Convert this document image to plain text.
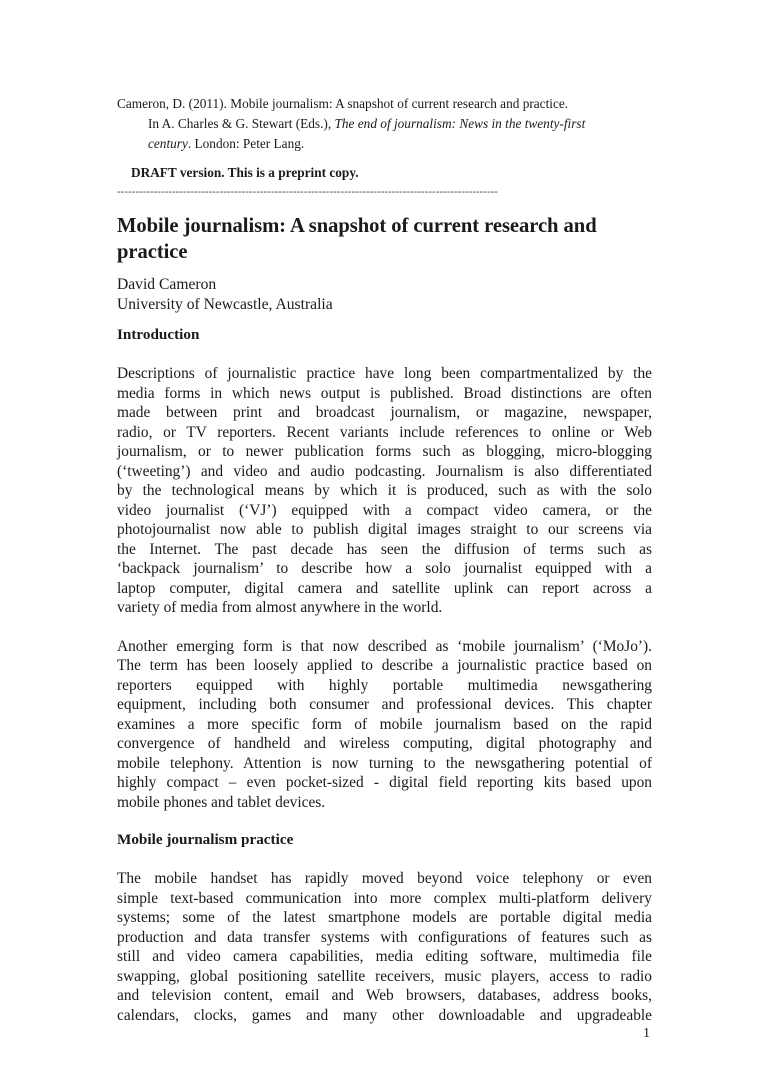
Cameron, D. (2011). Mobile journalism: A snapshot of current research and practice.
In A. Charles & G. Stewart (Eds.), The end of journalism: News in the twenty-first
century. London: Peter Lang.

DRAFT version. This is a preprint copy.

--------------------------------------------------------------------------------------------------------
Mobile journalism: A snapshot of current research and practice

David Cameron

University of Newcastle, Australia

Introduction

Descriptions of journalistic practice have long been compartmentalized by the
media forms in which news output is published. Broad distinctions are often
made between print and broadcast journalism, or magazine, newspaper,
radio, or TV reporters. Recent variants include references to online or Web
journalism, or to newer publication forms such as blogging, micro-blogging
(‘tweeting’) and video and audio podcasting. Journalism is also differentiated
by the technological means by which it is produced, such as with the solo
video journalist (‘VJ’) equipped with a compact video camera, or the
photojournalist now able to publish digital images straight to our screens via
the Internet. The past decade has seen the diffusion of terms such as
‘backpack journalism’ to describe how a solo journalist equipped with a
laptop computer, digital camera and satellite uplink can report across a
variety of media from almost anywhere in the world.

Another emerging form is that now described as ‘mobile journalism’ (‘MoJo’).
The term has been loosely applied to describe a journalistic practice based on
reporters equipped with highly portable multimedia newsgathering
equipment, including both consumer and professional devices. This chapter
examines a more specific form of mobile journalism based on the rapid
convergence of handheld and wireless computing, digital photography and
mobile telephony. Attention is now turning to the newsgathering potential of
highly compact – even pocket-sized - digital field reporting kits based upon
mobile phones and tablet devices.

Mobile journalism practice

The mobile handset has rapidly moved beyond voice telephony or even
simple text-based communication into more complex multi-platform delivery
systems; some of the latest smartphone models are portable digital media
production and data transfer systems with configurations of features such as
still and video camera capabilities, media editing software, multimedia file
swapping, global positioning satellite receivers, music players, access to radio
and television content, email and Web browsers, databases, address books,
calendars, clocks, games and many other downloadable and upgradeable

1
